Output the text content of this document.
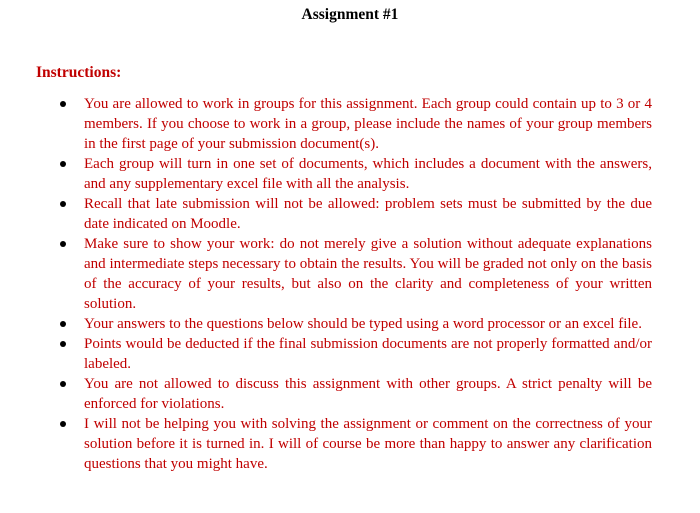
Assignment #1
Instructions:
You are allowed to work in groups for this assignment. Each group could contain up to 3 or 4 members. If you choose to work in a group, please include the names of your group members in the first page of your submission document(s).
Each group will turn in one set of documents, which includes a document with the answers, and any supplementary excel file with all the analysis.
Recall that late submission will not be allowed: problem sets must be submitted by the due date indicated on Moodle.
Make sure to show your work: do not merely give a solution without adequate explanations and intermediate steps necessary to obtain the results. You will be graded not only on the basis of the accuracy of your results, but also on the clarity and completeness of your written solution.
Your answers to the questions below should be typed using a word processor or an excel file.
Points would be deducted if the final submission documents are not properly formatted and/or labeled.
You are not allowed to discuss this assignment with other groups. A strict penalty will be enforced for violations.
I will not be helping you with solving the assignment or comment on the correctness of your solution before it is turned in. I will of course be more than happy to answer any clarification questions that you might have.
